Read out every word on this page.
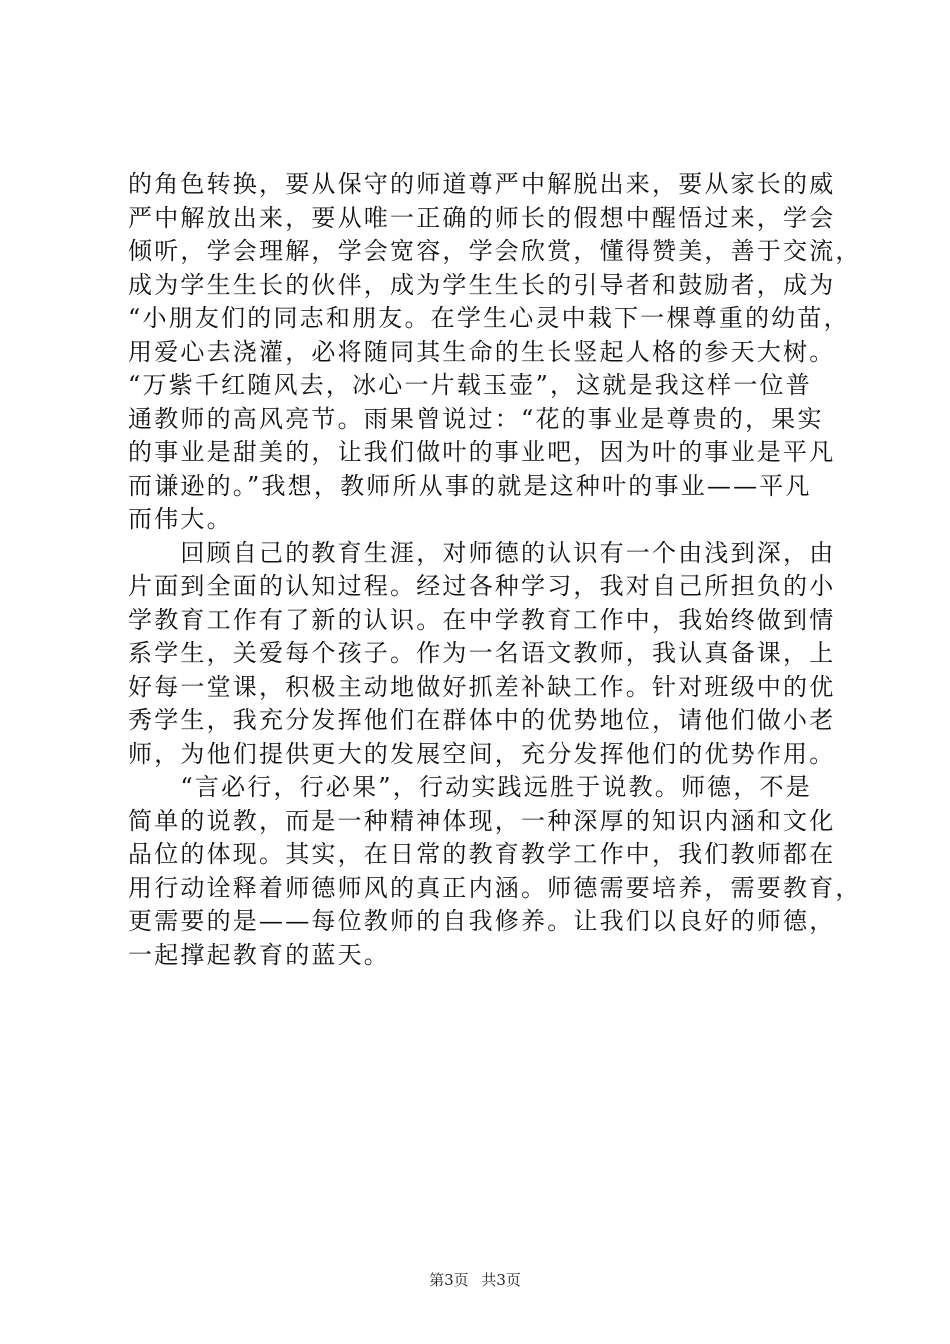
的角色转换，要从保守的师道尊严中解脱出来，要从家长的威
严中解放出来，要从唯一正确的师长的假想中醒悟过来，学会
倾听，学会理解，学会宽容，学会欣赏，懂得赞美，善于交流，
成为学生生长的伙伴，成为学生生长的引导者和鼓励者，成为
“小朋友们的同志和朋友。在学生心灵中栽下一棵尊重的幼苗，
用爱心去浇灌，必将随同其生命的生长竖起人格的参天大树。
“万紫千红随风去，冰心一片载玉壶”，这就是我这样一位普
通教师的高风亮节。雨果曾说过：“花的事业是尊贵的，果实
的事业是甜美的，让我们做叶的事业吧，因为叶的事业是平凡
而谦逊的。”我想，教师所从事的就是这种叶的事业——平凡
而伟大。
　　回顾自己的教育生涯，对师德的认识有一个由浅到深，由
片面到全面的认知过程。经过各种学习，我对自己所担负的小
学教育工作有了新的认识。在中学教育工作中，我始终做到情
系学生，关爱每个孩子。作为一名语文教师，我认真备课，上
好每一堂课，积极主动地做好抓差补缺工作。针对班级中的优
秀学生，我充分发挥他们在群体中的优势地位，请他们做小老
师，为他们提供更大的发展空间，充分发挥他们的优势作用。
　　“言必行，行必果”，行动实践远胜于说教。师德，不是
简单的说教，而是一种精神体现，一种深厚的知识内涵和文化
品位的体现。其实，在日常的教育教学工作中，我们教师都在
用行动诠释着师德师风的真正内涵。师德需要培养，需要教育，
更需要的是——每位教师的自我修养。让我们以良好的师德，
一起撑起教育的蓝天。
第3页 共3页
